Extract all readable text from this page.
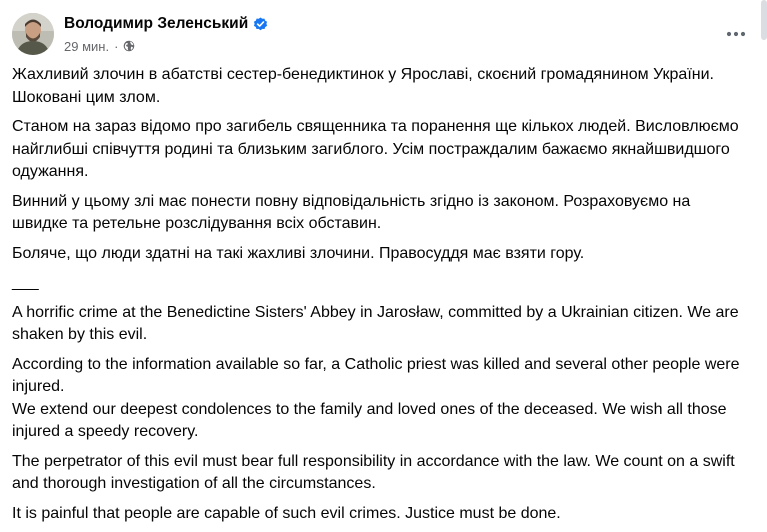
Володимир Зеленський
29 мин. ·

Жахливий злочин в абатстві сестер-бенедиктинок у Ярославі, скоєний громадянином України.
Шоковані цим злом.

Станом на зараз відомо про загибель священника та поранення ще кількох людей. Висловлюємо найглибші співчуття родині та близьким загиблого. Усім постраждалим бажаємо якнайшвидшого одужання.

Винний у цьому злі має понести повну відповідальність згідно із законом. Розраховуємо на швидке та ретельне розслідування всіх обставин.

Боляче, що люди здатні на такі жахливі злочини. Правосуддя має взяти гору.

___

A horrific crime at the Benedictine Sisters' Abbey in Jarosław, committed by a Ukrainian citizen. We are shaken by this evil.

According to the information available so far, a Catholic priest was killed and several other people were injured.
We extend our deepest condolences to the family and loved ones of the deceased. We wish all those injured a speedy recovery.

The perpetrator of this evil must bear full responsibility in accordance with the law. We count on a swift and thorough investigation of all the circumstances.

It is painful that people are capable of such evil crimes. Justice must be done.
